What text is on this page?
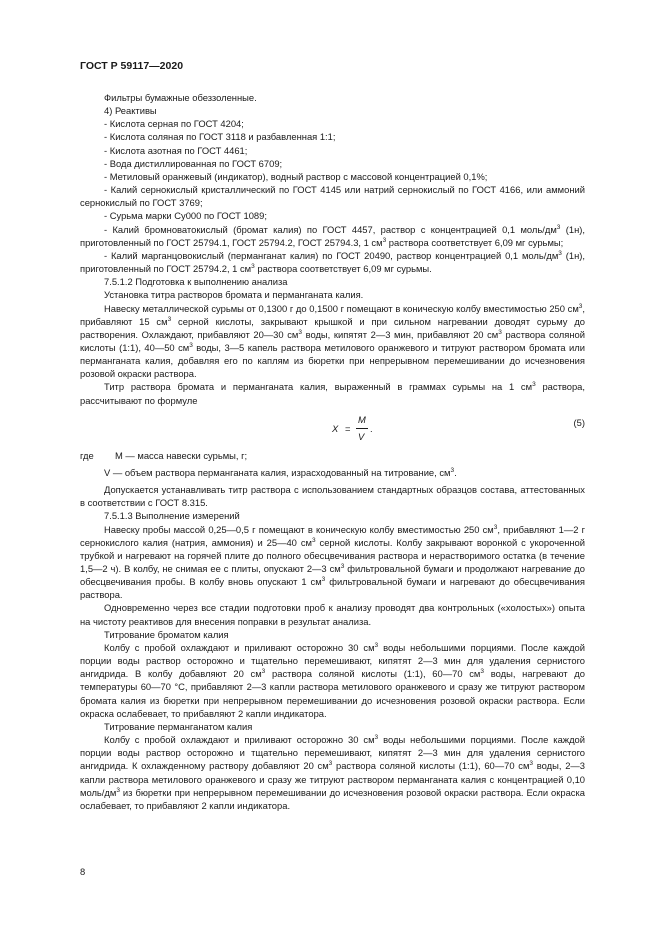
ГОСТ Р 59117—2020

Фильтры бумажные обеззоленные.

4) Реактивы

- Кислота серная по ГОСТ 4204;

- Кислота соляная по ГОСТ 3118 и разбавленная 1:1;

- Кислота азотная по ГОСТ 4461;

- Вода дистиллированная по ГОСТ 6709;

- Метиловый оранжевый (индикатор), водный раствор с массовой концентрацией 0,1%;

- Калий сернокислый кристаллический по ГОСТ 4145 или натрий сернокислый по ГОСТ 4166, или аммоний сернокислый по ГОСТ 3769;

- Сурьма марки Су000 по ГОСТ 1089;

- Калий бромноватокислый (бромат калия) по ГОСТ 4457, раствор с концентрацией 0,1 моль/$дм^3$ (1н), приготовленный по ГОСТ 25794.1, ГОСТ 25794.2, ГОСТ 25794.3, 1 $см^3$ раствора соответствует 6,09 мг сурьмы;

- Калий марганцовокислый (перманганат калия) по ГОСТ 20490, раствор концентрацией 0,1 моль/$дм^3$ (1н), приготовленный по ГОСТ 25794.2, 1 $см^3$ раствора соответствует 6,09 мг сурьмы.

7.5.1.2 Подготовка к выполнению анализа

Установка титра растворов бромата и перманганата калия.

Навеску металлической сурьмы от 0,1300 г до 0,1500 г помещают в коническую колбу вместимостью 250 $см^3$, прибавляют 15 $см^3$ серной кислоты, закрывают крышкой и при сильном нагревании доводят сурьму до растворения. Охлаждают, прибавляют 20—30 $см^3$ воды, кипятят 2—3 мин, прибавляют 20 $см^3$ раствора соляной кислоты (1:1), 40—50 $см^3$ воды, 3—5 капель раствора метилового оранжевого и титруют раствором бромата или перманганата калия, добавляя его по каплям из бюретки при непрерывном перемешивании до исчезновения розовой окраски раствора.

Титр раствора бромата и перманганата калия, выраженный в граммах сурьмы на 1 $см^3$ раствора, рассчитывают по формуле

X =
M
V
.
(5)
где	M — масса навески сурьмы, г;

V — объем раствора перманганата калия, израсходованный на титрование, $см^3$.

Допускается устанавливать титр раствора с использованием стандартных образцов состава, аттестованных в соответствии с ГОСТ 8.315.

7.5.1.3 Выполнение измерений

Навеску пробы массой 0,25—0,5 г помещают в коническую колбу вместимостью 250 $см^3$, прибавляют 1—2 г сернокислого калия (натрия, аммония) и 25—40 $см^3$ серной кислоты. Колбу закрывают воронкой с укороченной трубкой и нагревают на горячей плите до полного обесцвечивания раствора и нерастворимого остатка (в течение 1,5—2 ч). В колбу, не снимая ее с плиты, опускают 2—3 $см^3$ фильтровальной бумаги и продолжают нагревание до обесцвечивания пробы. В колбу вновь опускают 1 $см^3$ фильтровальной бумаги и нагревают до обесцвечивания раствора.

Одновременно через все стадии подготовки проб к анализу проводят два контрольных («холостых») опыта на чистоту реактивов для внесения поправки в результат анализа.

Титрование броматом калия

Колбу с пробой охлаждают и приливают осторожно 30 $см^3$ воды небольшими порциями. После каждой порции воды раствор осторожно и тщательно перемешивают, кипятят 2—3 мин для удаления сернистого ангидрида. В колбу добавляют 20 $см^3$ раствора соляной кислоты (1:1), 60—70 $см^3$ воды, нагревают до температуры 60—70 °С, прибавляют 2—3 капли раствора метилового оранжевого и сразу же титруют раствором бромата калия из бюретки при непрерывном перемешивании до исчезновения розовой окраски раствора. Если окраска ослабевает, то прибавляют 2 капли индикатора.

Титрование перманганатом калия

Колбу с пробой охлаждают и приливают осторожно 30 $см^3$ воды небольшими порциями. После каждой порции воды раствор осторожно и тщательно перемешивают, кипятят 2—3 мин для удаления сернистого ангидрида. К охлажденному раствору добавляют 20 $см^3$ раствора соляной кислоты (1:1), 60—70 $см^3$ воды, 2—3 капли раствора метилового оранжевого и сразу же титруют раствором перманганата калия с концентрацией 0,10 моль/$дм^3$ из бюретки при непрерывном перемешивании до исчезновения розовой окраски раствора. Если окраска ослабевает, то прибавляют 2 капли индикатора.

8
